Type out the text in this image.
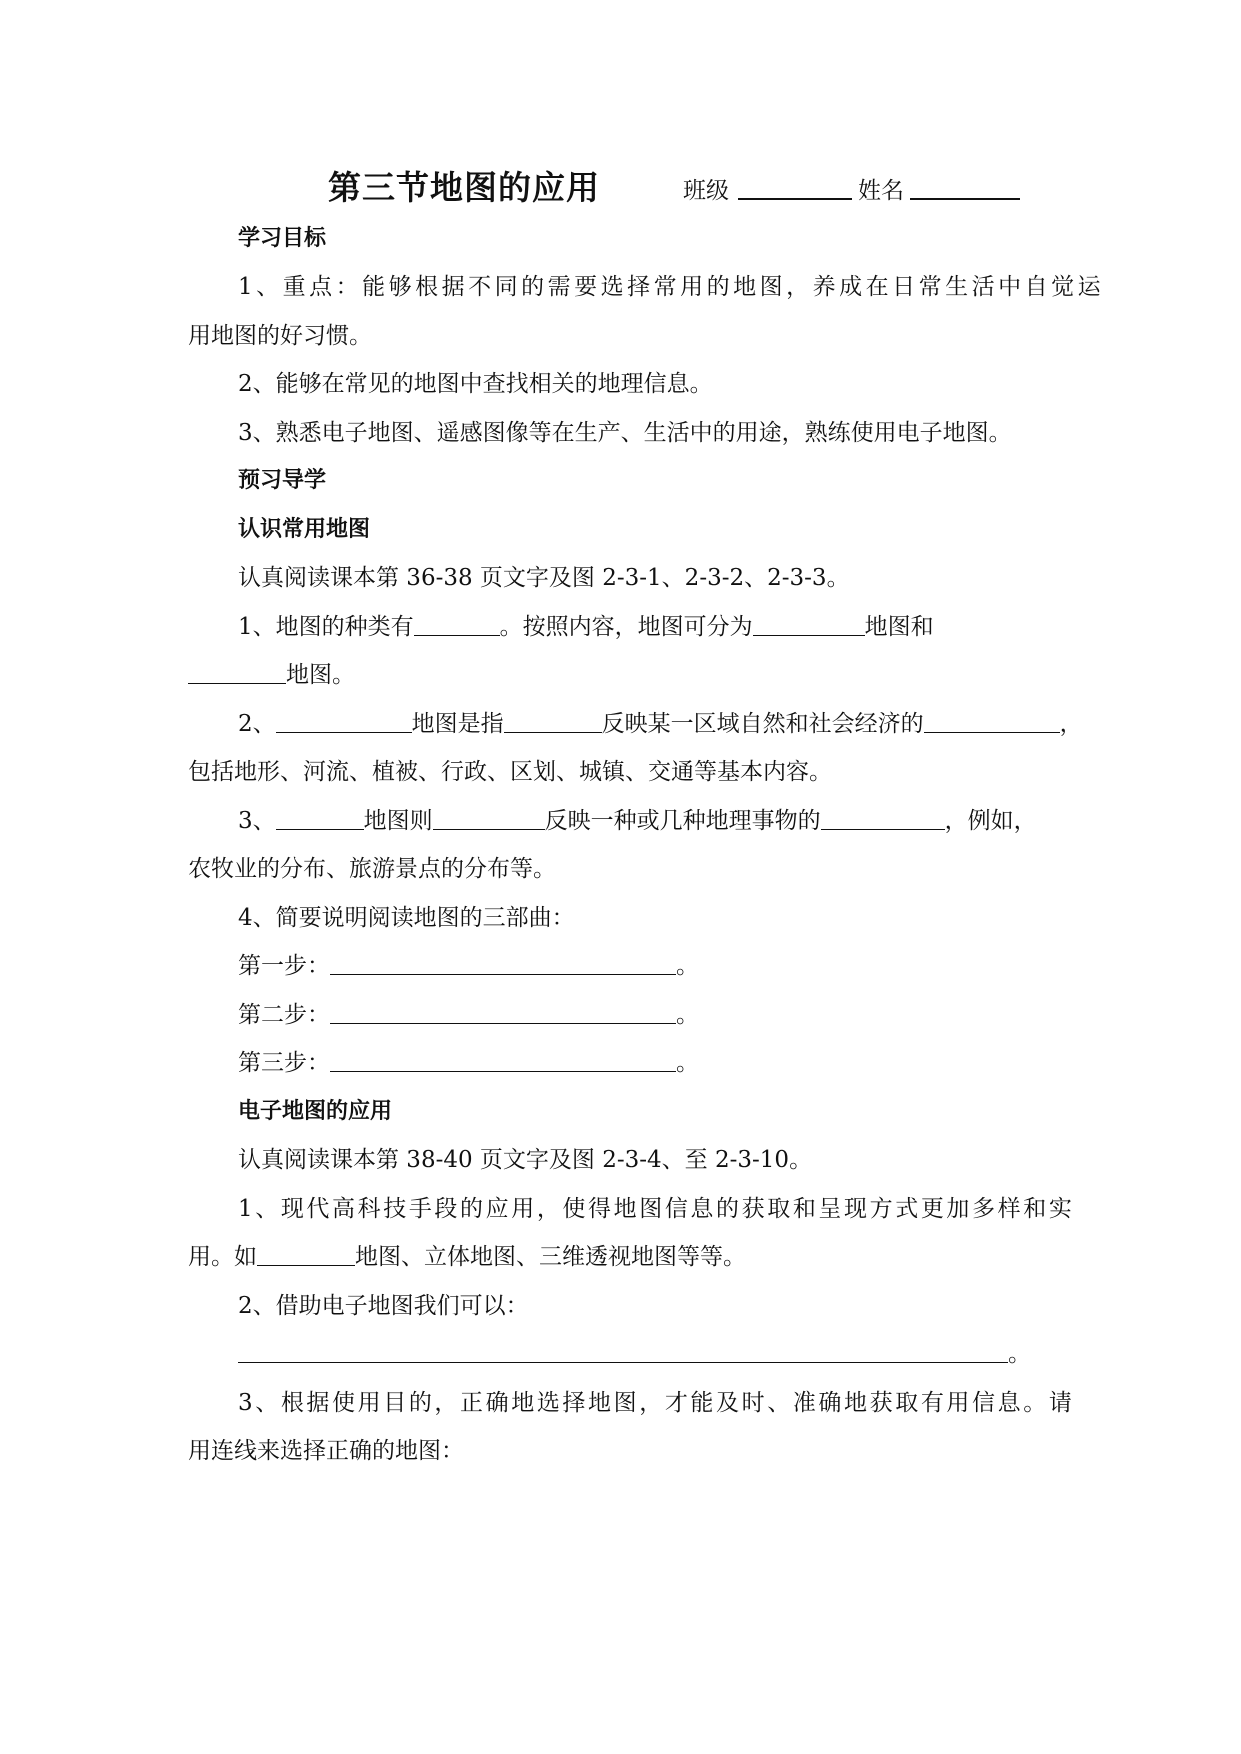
第三节地图的应用	班级	姓名
学习目标
1、重点：能够根据不同的需要选择常用的地图，养成在日常生活中自觉运
用地图的好习惯。
2、能够在常见的地图中查找相关的地理信息。
3、熟悉电子地图、遥感图像等在生产、生活中的用途，熟练使用电子地图。
预习导学
认识常用地图
认真阅读课本第 36-38 页文字及图 2-3-1、2-3-2、2-3-3。
1、地图的种类有	。按照内容，地图可分为	地图和
地图。
2、	地图是指	反映某一区域自然和社会经济的	，
包括地形、河流、植被、行政、区划、城镇、交通等基本内容。
3、	地图则	反映一种或几种地理事物的	，例如，
农牧业的分布、旅游景点的分布等。
4、简要说明阅读地图的三部曲：
第一步：	。
第二步：	。
第三步：	。
电子地图的应用
认真阅读课本第 38-40 页文字及图 2-3-4、至 2-3-10。
1、现代高科技手段的应用，使得地图信息的获取和呈现方式更加多样和实
用。如	地图、立体地图、三维透视地图等等。
2、借助电子地图我们可以：
。
3、根据使用目的，正确地选择地图，才能及时、准确地获取有用信息。请
用连线来选择正确的地图：
